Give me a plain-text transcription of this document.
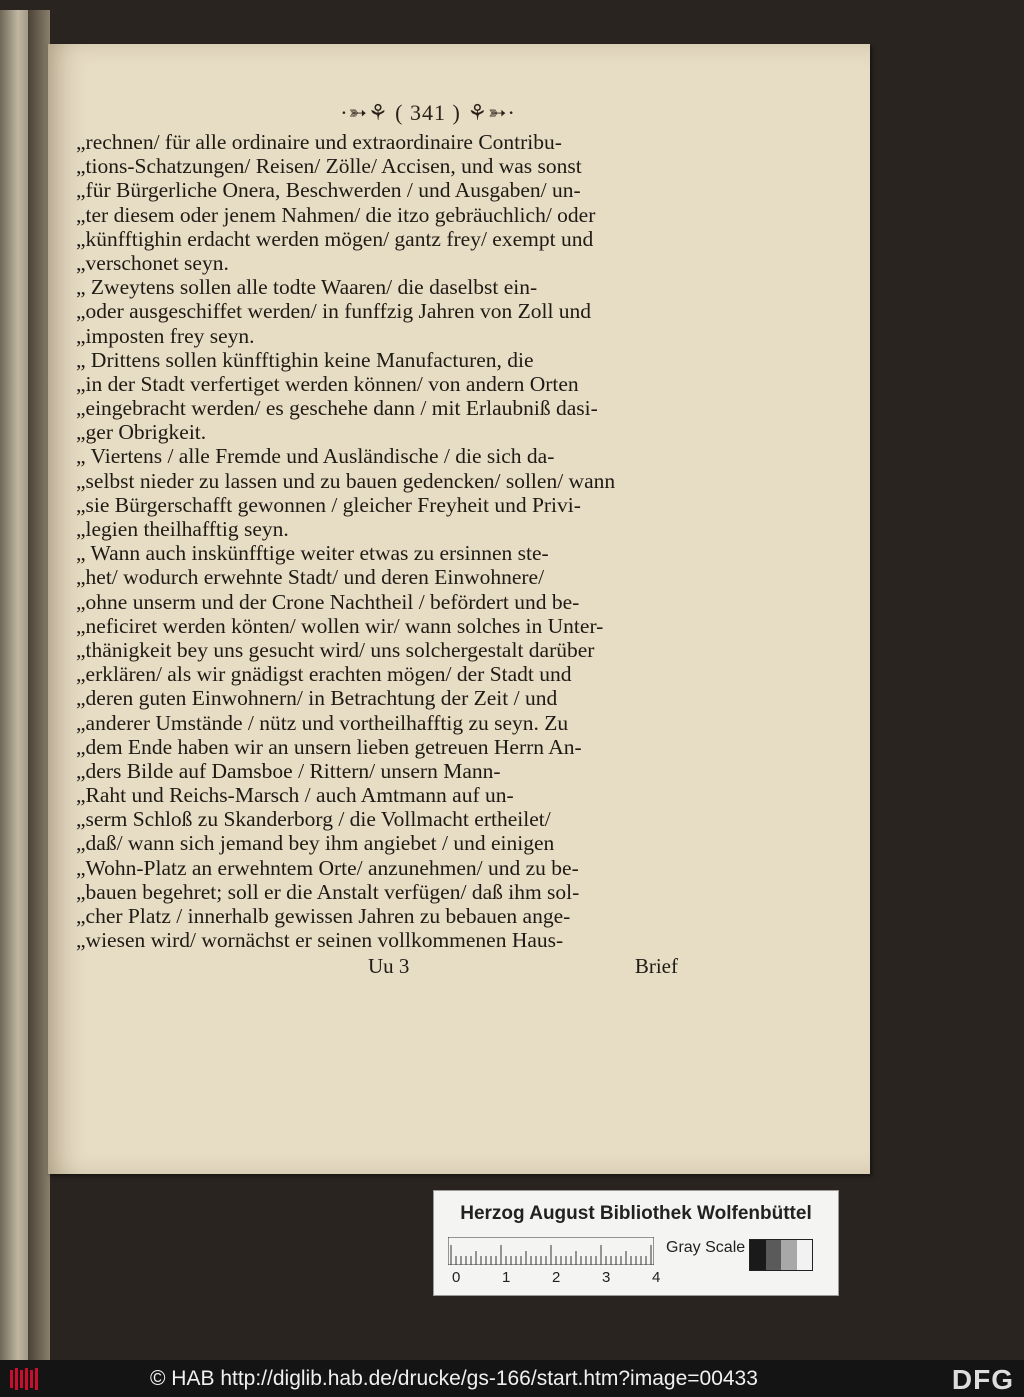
·➳⚘ ( 341 ) ⚘➳·
„rechnen/ für alle ordinaire und extraordinaire Contribu-
„tions-Schatzungen/ Reisen/ Zölle/ Accisen, und was sonst
„für Bürgerliche Onera, Beschwerden / und Ausgaben/ un-
„ter diesem oder jenem Nahmen/ die itzo gebräuchlich/ oder
„künfftighin erdacht werden mögen/ gantz frey/ exempt und
„verschonet seyn.
„ Zweytens sollen alle todte Waaren/ die daselbst ein-
„oder ausgeschiffet werden/ in funffzig Jahren von Zoll und
„imposten frey seyn.
„ Drittens sollen künfftighin keine Manufacturen, die
„in der Stadt verfertiget werden können/ von andern Orten
„eingebracht werden/ es geschehe dann / mit Erlaubniß dasi-
„ger Obrigkeit.
„ Viertens / alle Fremde und Ausländische / die sich da-
„selbst nieder zu lassen und zu bauen gedencken/ sollen/ wann
„sie Bürgerschafft gewonnen / gleicher Freyheit und Privi-
„legien theilhafftig seyn.
„ Wann auch inskünfftige weiter etwas zu ersinnen ste-
„het/ wodurch erwehnte Stadt/ und deren Einwohnere/
„ohne unserm und der Crone Nachtheil / befördert und be-
„neficiret werden könten/ wollen wir/ wann solches in Unter-
„thänigkeit bey uns gesucht wird/ uns solchergestalt darüber
„erklären/ als wir gnädigst erachten mögen/ der Stadt und
„deren guten Einwohnern/ in Betrachtung der Zeit / und
„anderer Umstände / nütz und vortheilhafftig zu seyn. Zu
„dem Ende haben wir an unsern lieben getreuen Herrn An-
„ders Bilde auf Damsboe / Rittern/ unsern Mann-
„Raht und Reichs-Marsch / auch Amtmann auf un-
„serm Schloß zu Skanderborg / die Vollmacht ertheilet/
„daß/ wann sich jemand bey ihm angiebet / und einigen
„Wohn-Platz an erwehntem Orte/ anzunehmen/ und zu be-
„bauen begehret; soll er die Anstalt verfügen/ daß ihm sol-
„cher Platz / innerhalb gewissen Jahren zu bebauen ange-
„wiesen wird/ wornächst er seinen vollkommenen Haus-
Uu 3	Brief
Herzog August Bibliothek Wolfenbüttel
0	1	2	3	4
Gray Scale
© HAB http://diglib.hab.de/drucke/gs-166/start.htm?image=00433	DFG
